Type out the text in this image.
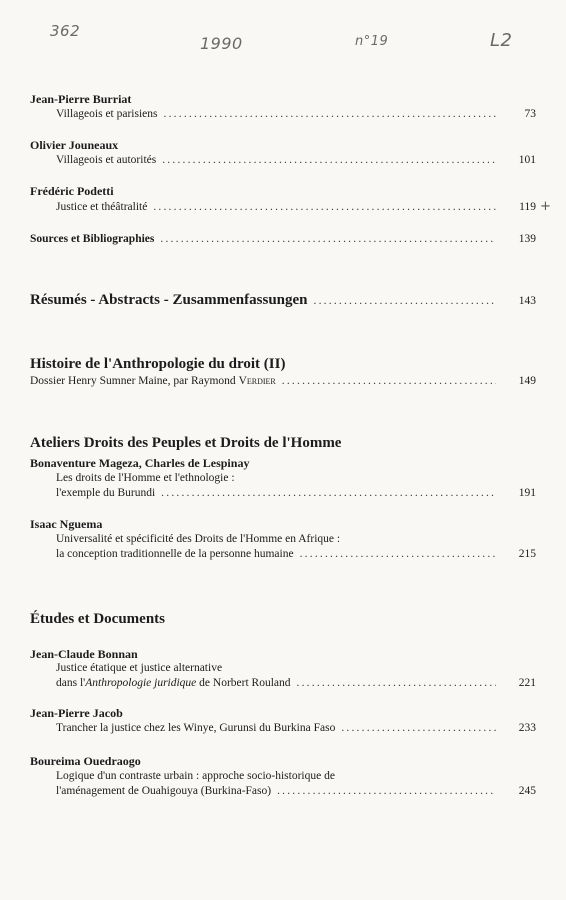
362
1990	n°19	L2
Jean-Pierre Burriat
Villageois et parisiens .....	73
Olivier Jouneaux
Villageois et autorités .....	101
Frédéric Podetti
Justice et théâtralité .....	119 +
Sources et Bibliographies .....	139
Résumés - Abstracts - Zusammenfassungen .....	143
Histoire de l'Anthropologie du droit (II)
Dossier Henry Sumner Maine, par Raymond Verdier .....	149
Ateliers Droits des Peuples et Droits de l'Homme
Bonaventure Mageza, Charles de Lespinay
Les droits de l'Homme et l'ethnologie :
l'exemple du Burundi .....	191
Isaac Nguema
Universalité et spécificité des Droits de l'Homme en Afrique :
la conception traditionnelle de la personne humaine .....	215
Études et Documents
Jean-Claude Bonnan
Justice étatique et justice alternative
dans l'Anthropologie juridique de Norbert Rouland .....	221
Jean-Pierre Jacob
Trancher la justice chez les Winye, Gurunsi du Burkina Faso .....	233
Boureima Ouedraogo
Logique d'un contraste urbain : approche socio-historique de
l'aménagement de Ouahigouya (Burkina-Faso) .....	245
